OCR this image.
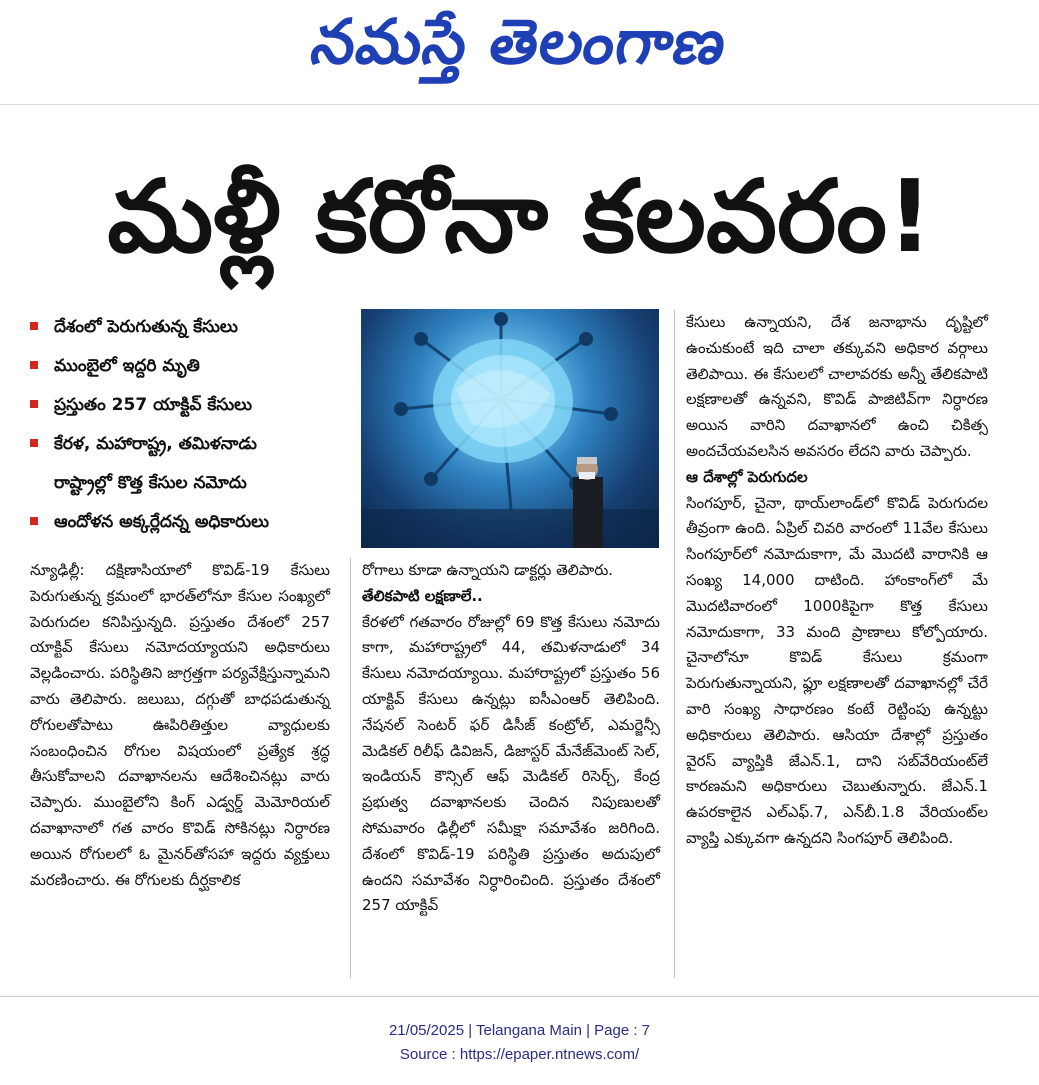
నమస్తే తెలంగాణ
మళ్లీ కరోనా కలవరం!
దేశంలో పెరుగుతున్న కేసులు
ముంబైలో ఇద్దరి మృతి
ప్రస్తుతం 257 యాక్టివ్ కేసులు
కేరళ, మహారాష్ట్ర, తమిళనాడు
రాష్ట్రాల్లో కొత్త కేసుల నమోదు
ఆందోళన అక్కర్లేదన్న అధికారులు

న్యూఢిల్లీ: దక్షిణాసియాలో కొవిడ్-19 కేసులు పెరుగుతున్న క్రమంలో భారత్‌లోనూ కేసుల సంఖ్యలో పెరుగుదల కనిపిస్తున్నది. ప్రస్తుతం దేశంలో 257 యాక్టివ్ కేసులు నమోదయ్యాయని అధికారులు వెల్లడించారు. పరిస్థితిని జాగ్రత్తగా పర్యవేక్షిస్తున్నామని వారు తెలిపారు. జలుబు, దగ్గుతో బాధపడుతున్న రోగులతోపాటు ఊపిరితిత్తుల వ్యాధులకు సంబంధించిన రోగుల విషయంలో ప్రత్యేక శ్రద్ధ తీసుకోవాలని దవాఖానలను ఆదేశించినట్లు వారు చెప్పారు. ముంబైలోని కింగ్ ఎడ్వర్డ్ మెమోరియల్ దవాఖానాలో గత వారం కొవిడ్ సోకినట్లు నిర్ధారణ అయిన రోగులలో ఓ మైనర్‌తోసహా ఇద్దరు వ్యక్తులు మరణించారు. ఈ రోగులకు దీర్ఘకాలిక

రోగాలు కూడా ఉన్నాయని డాక్టర్లు తెలిపారు.

తేలికపాటి లక్షణాలే..

కేరళలో గతవారం రోజుల్లో 69 కొత్త కేసులు నమోదు కాగా, మహారాష్ట్రలో 44, తమిళనాడులో 34 కేసులు నమోదయ్యాయి. మహారాష్ట్రలో ప్రస్తుతం 56 యాక్టివ్ కేసులు ఉన్నట్లు ఐసీఎంఆర్ తెలిపింది. నేషనల్ సెంటర్ ఫర్ డిసీజ్ కంట్రోల్, ఎమర్జెన్సీ మెడికల్ రిలీఫ్ డివిజన్, డిజాస్టర్ మేనేజ్‌మెంట్ సెల్, ఇండియన్ కౌన్సిల్ ఆఫ్ మెడికల్ రిసెర్చ్, కేంద్ర ప్రభుత్వ దవాఖానలకు చెందిన నిపుణులతో సోమవారం ఢిల్లీలో సమీక్షా సమావేశం జరిగింది. దేశంలో కొవిడ్-19 పరిస్థితి ప్రస్తుతం అదుపులో ఉందని సమావేశం నిర్ధారించింది. ప్రస్తుతం దేశంలో 257 యాక్టివ్

కేసులు ఉన్నాయని, దేశ జనాభాను దృష్టిలో ఉంచుకుంటే ఇది చాలా తక్కువని అధికార వర్గాలు తెలిపాయి. ఈ కేసులలో చాలావరకు అన్నీ తేలికపాటి లక్షణాలతో ఉన్నవని, కొవిడ్ పాజిటివ్‌గా నిర్ధారణ అయిన వారిని దవాఖానలో ఉంచి చికిత్స అందచేయవలసిన అవసరం లేదని వారు చెప్పారు.

ఆ దేశాల్లో పెరుగుదల

సింగపూర్, చైనా, థాయ్‌లాండ్‌లో కొవిడ్ పెరుగుదల తీవ్రంగా ఉంది. ఏప్రిల్ చివరి వారంలో 11వేల కేసులు సింగపూర్‌లో నమోదుకాగా, మే మొదటి వారానికి ఆ సంఖ్య 14,000 దాటింది. హాంకాంగ్‌లో మే మొదటివారంలో 1000కిపైగా కొత్త కేసులు నమోదుకాగా, 33 మంది ప్రాణాలు కోల్పోయారు. చైనాలోనూ కొవిడ్ కేసులు క్రమంగా పెరుగుతున్నాయని, ఫ్లూ లక్షణాలతో దవాఖానల్లో చేరే వారి సంఖ్య సాధారణం కంటే రెట్టింపు ఉన్నట్టు అధికారులు తెలిపారు. ఆసియా దేశాల్లో ప్రస్తుతం వైరస్ వ్యాప్తికి జేఎన్.1, దాని సబ్‌వేరియంట్‌లే కారణమని అధికారులు చెబుతున్నారు. జేఎన్.1 ఉపరకాలైన ఎల్ఎఫ్.7, ఎన్‌బీ.1.8 వేరియంట్‌ల వ్యాప్తి ఎక్కువగా ఉన్నదని సింగపూర్ తెలిపింది.

21/05/2025 | Telangana Main | Page : 7
Source : https://epaper.ntnews.com/
